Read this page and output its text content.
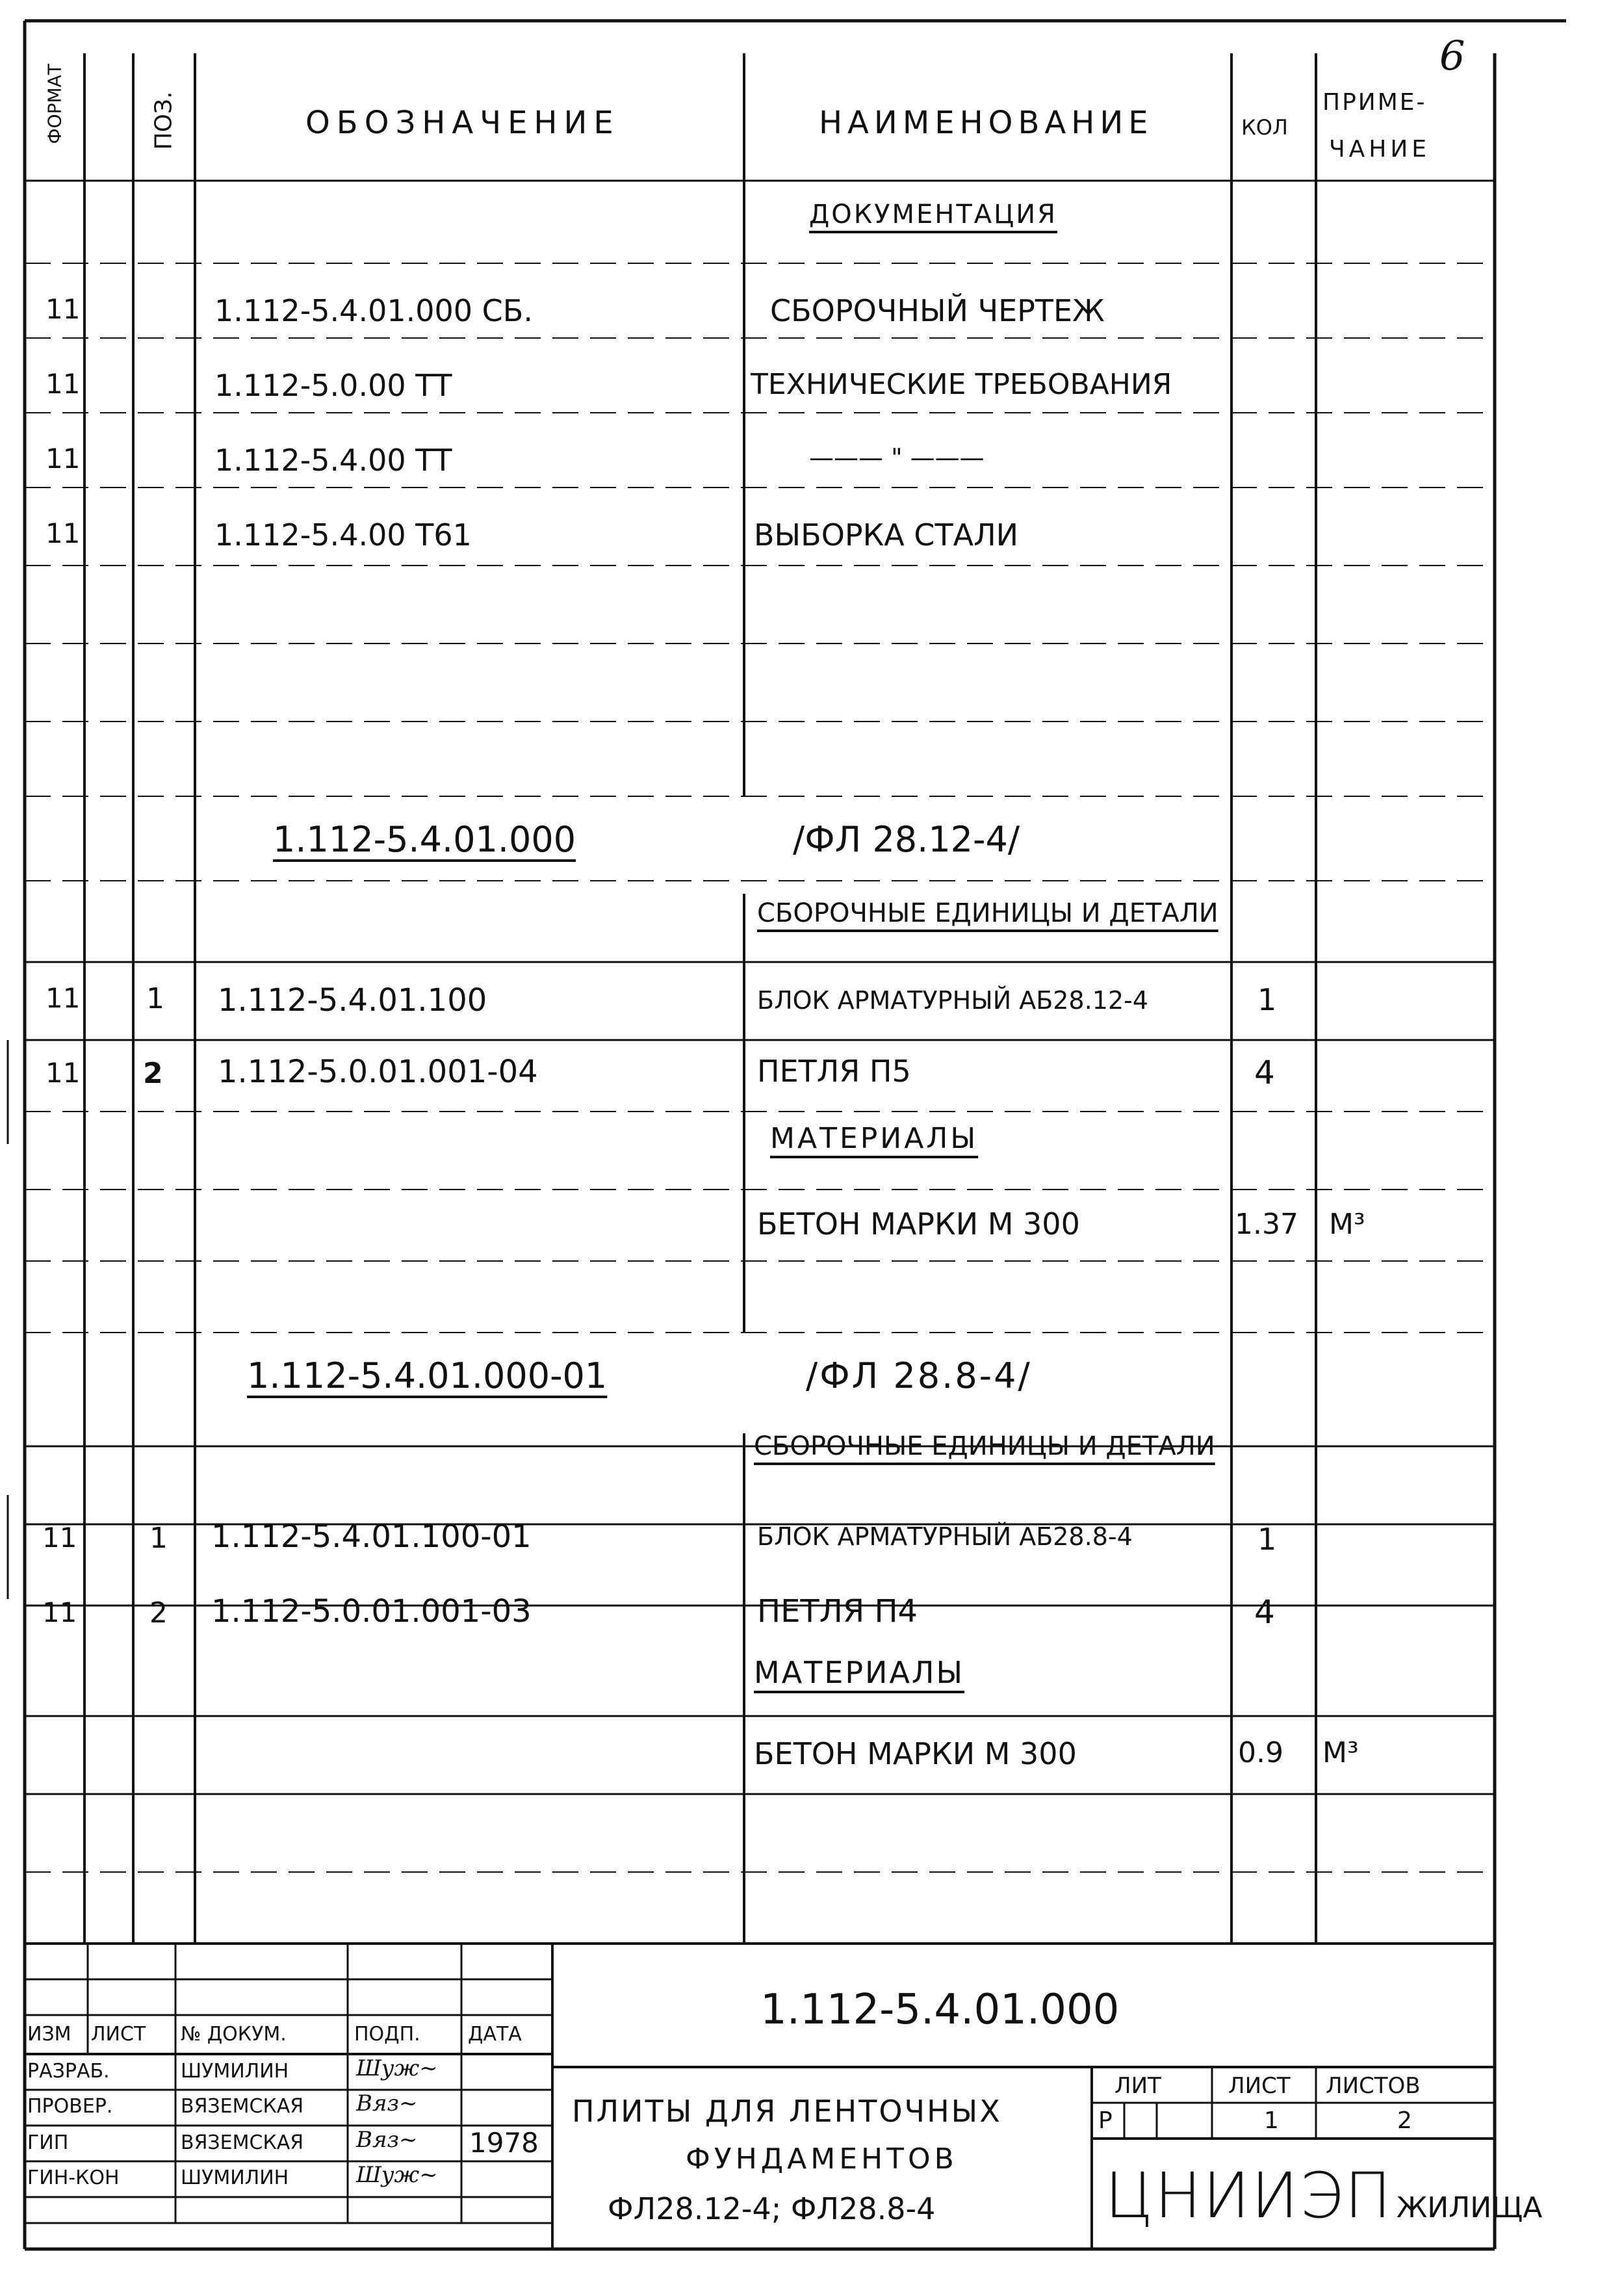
6
ФОРМАТ	ПОЗ.	ОБОЗНАЧЕНИЕ	НАИМЕНОВАНИЕ	КОЛ
ПРИМЕ-
ЧАНИЕ
ДОКУМЕНТАЦИЯ
11	1.112-5.4.01.000 СБ.	СБОРОЧНЫЙ ЧЕРТЕЖ
11	1.112-5.0.00 ТТ	ТЕХНИЧЕСКИЕ ТРЕБОВАНИЯ
11	1.112-5.4.00 ТТ	——— " ———
11	1.112-5.4.00 Т61	ВЫБОРКА СТАЛИ
1.112-5.4.01.000	/ФЛ 28.12-4/
СБОРОЧНЫЕ ЕДИНИЦЫ И ДЕТАЛИ
11 1 1.112-5.4.01.100	БЛОК АРМАТУРНЫЙ АБ28.12-4	1
11 2 1.112-5.0.01.001-04	ПЕТЛЯ П5	4
МАТЕРИАЛЫ
БЕТОН МАРКИ М 300	1.37 М³
1.112-5.4.01.000-01	/ФЛ 28.8-4/
СБОРОЧНЫЕ ЕДИНИЦЫ И ДЕТАЛИ
11	1 1.112-5.4.01.100-01	БЛОК АРМАТУРНЫЙ АБ28.8-4	1
11	2 1.112-5.0.01.001-03	ПЕТЛЯ П4	4
МАТЕРИАЛЫ
БЕТОН МАРКИ М 300	0.9 М³
1.112-5.4.01.000
ИЗМ ЛИСТ № ДОКУМ.	ПОДП. ДАТА
РАЗРАБ.	ШУМИЛИН	Шуж~
ПРОВЕР.	ВЯЗЕМСКАЯ Вяз~
ГИП	ВЯЗЕМСКАЯ Вяз~ 1978
ГИН-КОН	ШУМИЛИН	Шуж~
ПЛИТЫ ДЛЯ ЛЕНТОЧНЫХ
ФУНДАМЕНТОВ
ФЛ28.12-4; ФЛ28.8-4
ЛИТ	ЛИСТ ЛИСТОВ
Р	1	2
ЦНИИЭП ЖИЛИЩА
